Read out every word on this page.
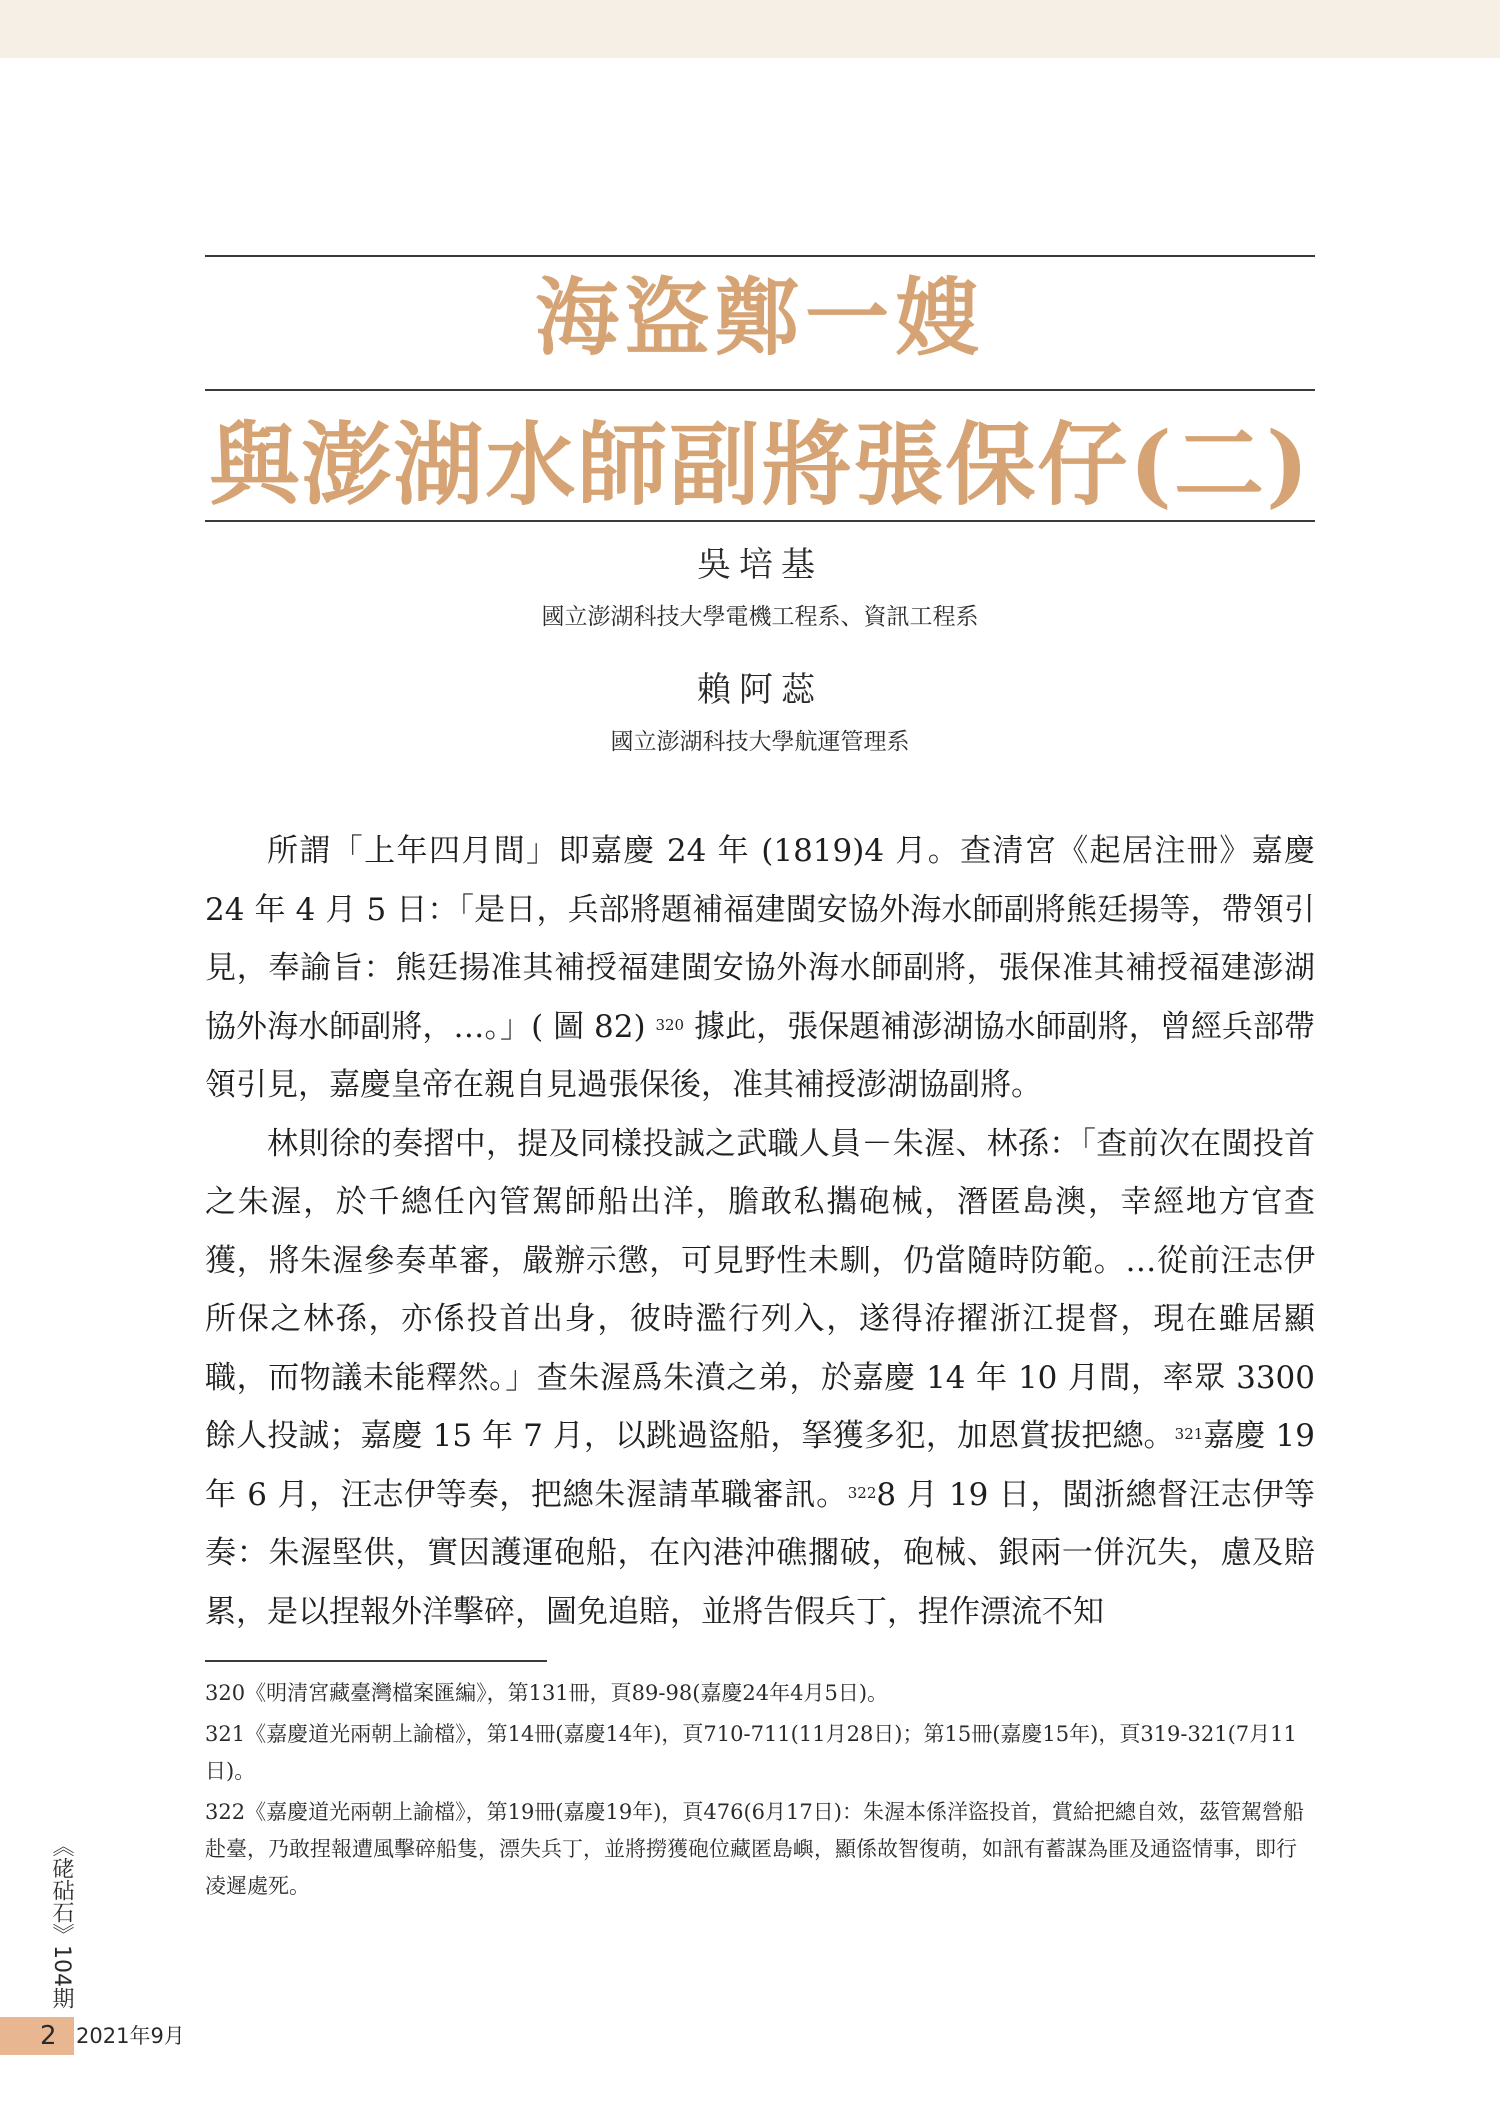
海盜鄭一嫂
與澎湖水師副將張保仔(二)
吳培基
國立澎湖科技大學電機工程系、資訊工程系
賴阿蕊
國立澎湖科技大學航運管理系

所謂「上年四月間」即嘉慶 24 年 (1819)4 月。查清宮《起居注冊》嘉慶 24 年 4 月 5 日：「是日，兵部將題補福建閩安協外海水師副將熊廷揚等，帶領引見，奉諭旨：熊廷揚准其補授福建閩安協外海水師副將，張保准其補授福建澎湖協外海水師副將，…。」( 圖 82) $^{320}$ 據此，張保題補澎湖協水師副將，曾經兵部帶領引見，嘉慶皇帝在親自見過張保後，准其補授澎湖協副將。

林則徐的奏摺中，提及同樣投誠之武職人員－朱渥、林孫：「查前次在閩投首之朱渥，於千總任內管駕師船出洋，膽敢私攜砲械，潛匿島澳，幸經地方官查獲，將朱渥參奏革審，嚴辦示懲，可見野性未馴，仍當隨時防範。…從前汪志伊所保之林孫，亦係投首出身，彼時濫行列入，遂得洊擢浙江提督，現在雖居顯職，而物議未能釋然。」查朱渥爲朱濆之弟，於嘉慶 14 年 10 月間，率眾 3300 餘人投誠；嘉慶 15 年 7 月，以跳過盜船，拏獲多犯，加恩賞拔把總。$^{321}$嘉慶 19 年 6 月，汪志伊等奏，把總朱渥請革職審訊。$^{322}$8 月 19 日，閩浙總督汪志伊等奏：朱渥堅供，實因護運砲船，在內港沖礁擱破，砲械、銀兩一併沉失，慮及賠累，是以捏報外洋擊碎，圖免追賠，並將告假兵丁，捏作漂流不知

320《明清宮藏臺灣檔案匯編》，第131冊，頁89-98(嘉慶24年4月5日)。
321《嘉慶道光兩朝上諭檔》，第14冊(嘉慶14年)，頁710-711(11月28日)；第15冊(嘉慶15年)，頁319-321(7月11日)。
322《嘉慶道光兩朝上諭檔》，第19冊(嘉慶19年)，頁476(6月17日)：朱渥本係洋盜投首，賞給把總自效，茲管駕營船赴臺，乃敢捏報遭風擊碎船隻，漂失兵丁，並將撈獲砲位藏匿島嶼，顯係故智復萌，如訊有蓄謀為匪及通盜情事，即行凌遲處死。
《硓砧石》104期
2 2021年9月
